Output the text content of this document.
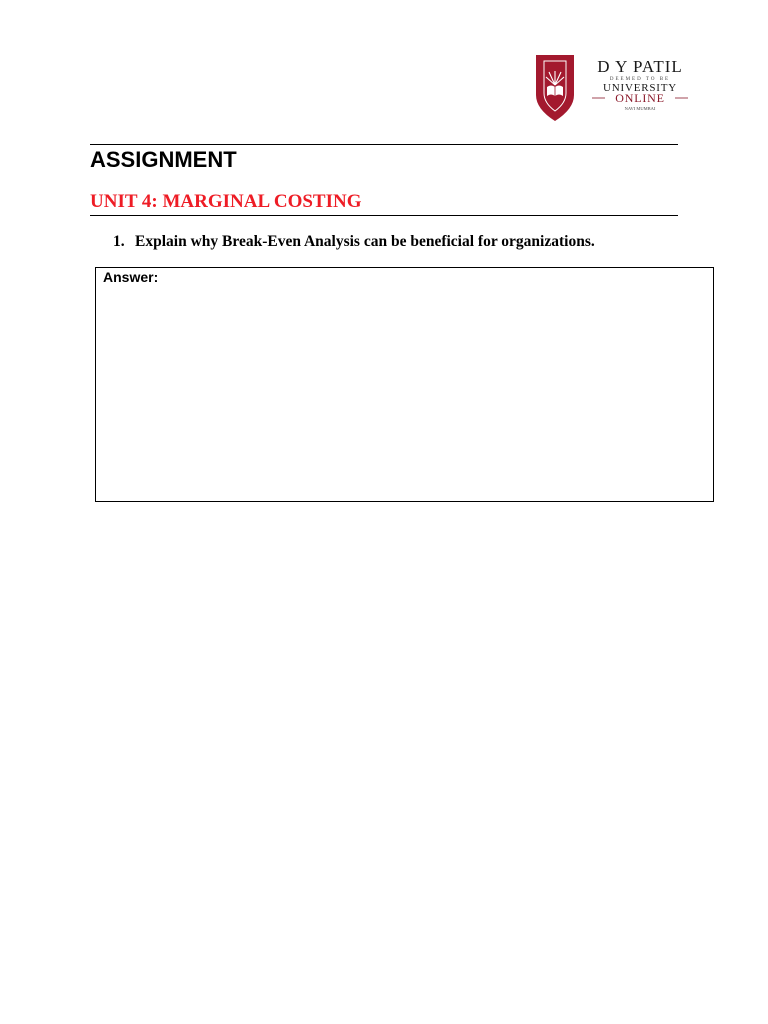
D Y PATIL
DEEMED TO BE
UNIVERSITY
ONLINE
NAVI MUMBAI
ASSIGNMENT
UNIT 4: MARGINAL COSTING
1. Explain why Break-Even Analysis can be beneficial for organizations.
Answer:
